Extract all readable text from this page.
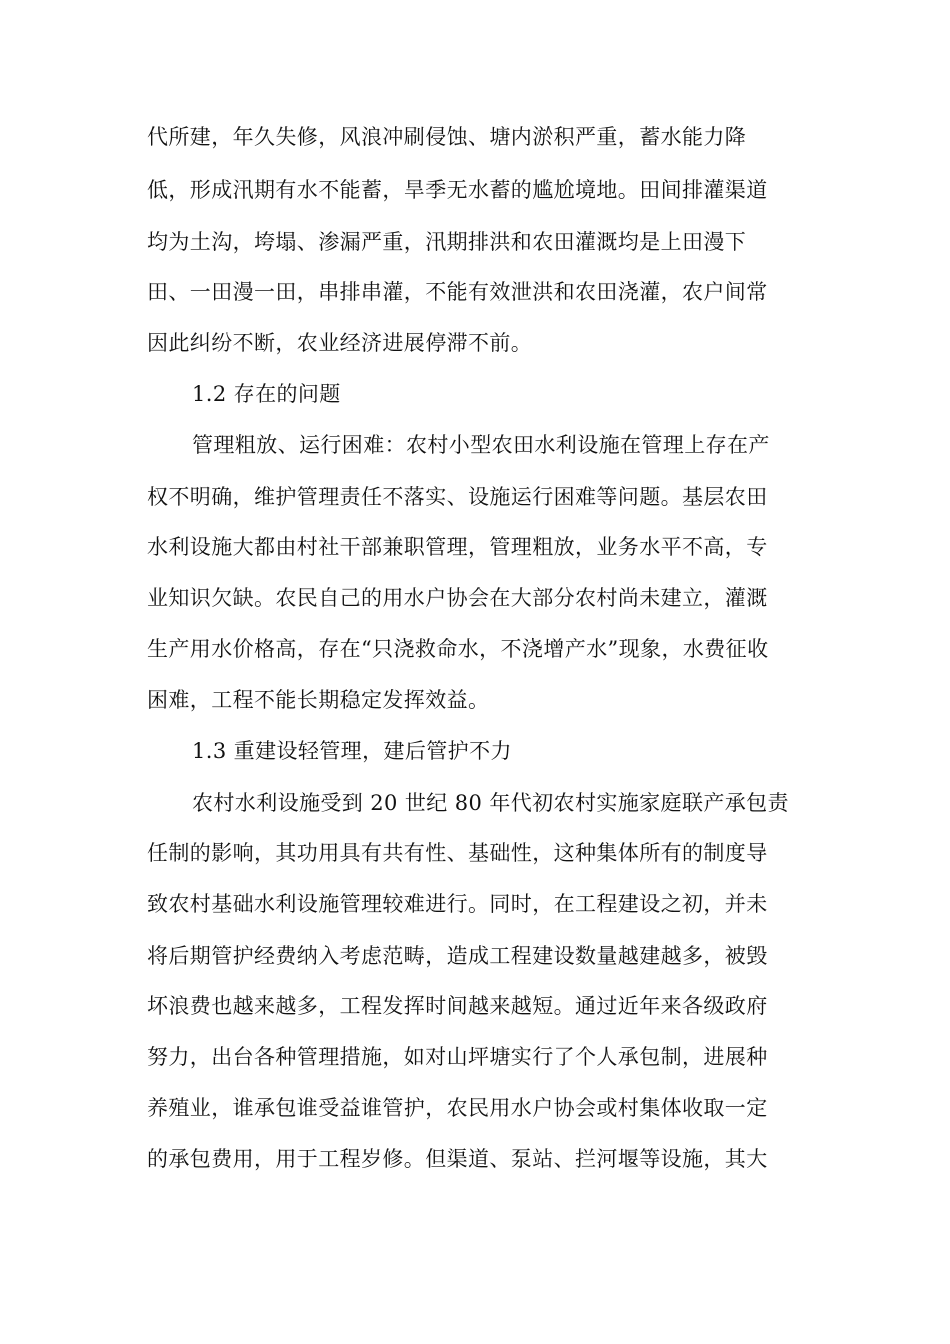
代所建，年久失修，风浪冲刷侵蚀、塘内淤积严重，蓄水能力降
低，形成汛期有水不能蓄，旱季无水蓄的尴尬境地。田间排灌渠道
均为土沟，垮塌、渗漏严重，汛期排洪和农田灌溉均是上田漫下
田、一田漫一田，串排串灌，不能有效泄洪和农田浇灌，农户间常
因此纠纷不断，农业经济进展停滞不前。
1.2 存在的问题
管理粗放、运行困难：农村小型农田水利设施在管理上存在产
权不明确，维护管理责任不落实、设施运行困难等问题。基层农田
水利设施大都由村社干部兼职管理，管理粗放，业务水平不高，专
业知识欠缺。农民自己的用水户协会在大部分农村尚未建立，灌溉
生产用水价格高，存在“只浇救命水，不浇增产水”现象，水费征收
困难，工程不能长期稳定发挥效益。
1.3 重建设轻管理，建后管护不力
农村水利设施受到 20 世纪 80 年代初农村实施家庭联产承包责
任制的影响，其功用具有共有性、基础性，这种集体所有的制度导
致农村基础水利设施管理较难进行。同时，在工程建设之初，并未
将后期管护经费纳入考虑范畴，造成工程建设数量越建越多，被毁
坏浪费也越来越多，工程发挥时间越来越短。通过近年来各级政府
努力，出台各种管理措施，如对山坪塘实行了个人承包制，进展种
养殖业，谁承包谁受益谁管护，农民用水户协会或村集体收取一定
的承包费用，用于工程岁修。但渠道、泵站、拦河堰等设施，其大
